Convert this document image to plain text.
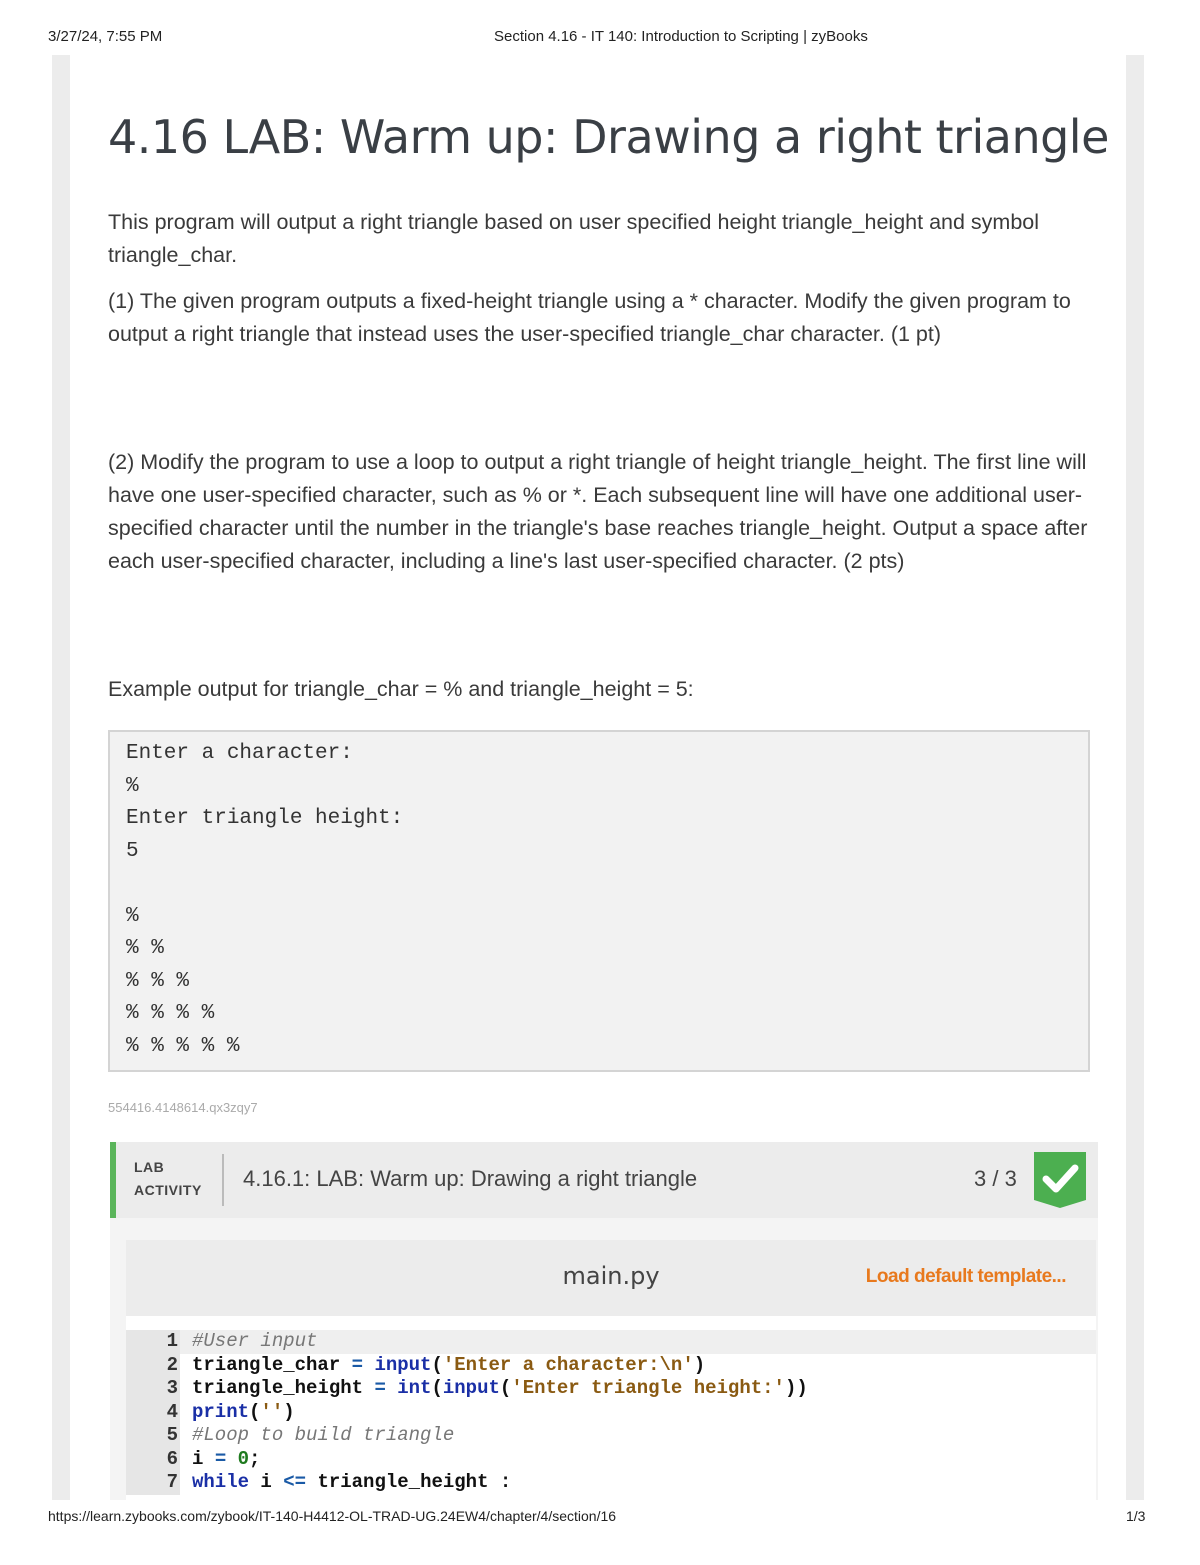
3/27/24, 7:55 PM	Section 4.16 - IT 140: Introduction to Scripting | zyBooks
4.16 LAB: Warm up: Drawing a right triangle

This program will output a right triangle based on user specified height triangle_height and symbol triangle_char.

(1) The given program outputs a fixed-height triangle using a * character. Modify the given program to output a right triangle that instead uses the user-specified triangle_char character. (1 pt)

(2) Modify the program to use a loop to output a right triangle of height triangle_height. The first line will have one user-specified character, such as % or *. Each subsequent line will have one additional user-specified character until the number in the triangle's base reaches triangle_height. Output a space after each user-specified character, including a line's last user-specified character. (2 pts)

Example output for triangle_char = % and triangle_height = 5:

Enter a character:
%
Enter triangle height:
5
%
% %
% % %
% % % %
% % % % %
554416.4148614.qx3zqy7
LAB
ACTIVITY 4.16.1: LAB: Warm up: Drawing a right triangle	3 / 3
main.py	Load default template...

1

#User input

2

triangle_char = input('Enter a character:\n')

3

triangle_height = int(input('Enter triangle height:'))

4

print('')

5

#Loop to build triangle

6

i = 0;

7

while i <= triangle_height :

https://learn.zybooks.com/zybook/IT-140-H4412-OL-TRAD-UG.24EW4/chapter/4/section/16	1/3
